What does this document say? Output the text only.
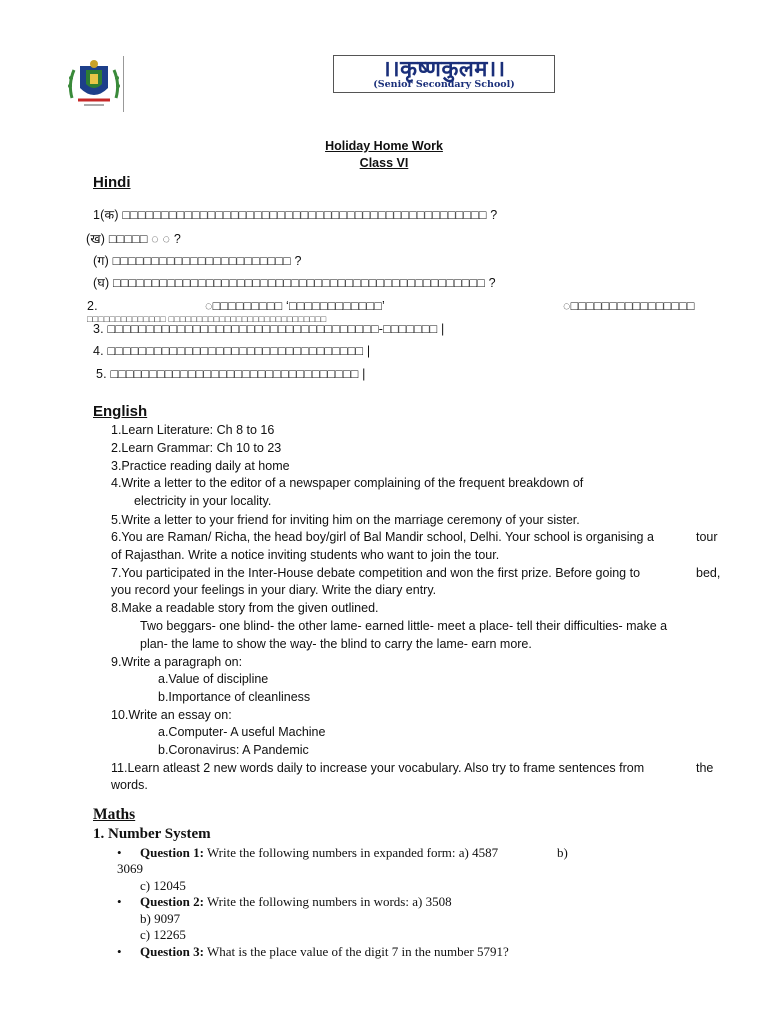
।।कृष्णकुलम।।
(Senior Secondary School)
Holiday Home Work
Class VI
Hindi
1(क) □□□□□□□□□□□□□□□□□□□□□□□□□□□□□□□□□□□□□□□□□□□□□□□ ?
(ख) □□□□□ ◌ ◌ ?
(ग) □□□□□□□□□□□□□□□□□□□□□□□ ?
(घ) □□□□□□□□□□□□□□□□□□□□□□□□□□□□□□□□□□□□□□□□□□□□□□□□ ?
2.	◌□□□□□□□□□ ‘□□□□□□□□□□□□’	◌□□□□□□□□□□□□□□□□
□□□□□□□□□□□□□□ □□□□□□□□□□□□□□□□□□□□□□□□□□□□
3. □□□□□□□□□□□□□□□□□□□□□□□□□□□□□□□□□□□-□□□□□□□ |
4. □□□□□□□□□□□□□□□□□□□□□□□□□□□□□□□□□ |
5. □□□□□□□□□□□□□□□□□□□□□□□□□□□□□□□□ |
English
1.Learn Literature: Ch 8 to 16
2.Learn Grammar: Ch 10 to 23
3.Practice reading daily at home
4.Write a letter to the editor of a newspaper complaining of the frequent breakdown of
electricity in your locality.
5.Write a letter to your friend for inviting him on the marriage ceremony of your sister.
6.You are Raman/ Richa, the head boy/girl of Bal Mandir school, Delhi. Your school is organising a	tour
of Rajasthan. Write a notice inviting students who want to join the tour.
7.You participated in the Inter-House debate competition and won the first prize. Before going to	bed,
you record your feelings in your diary. Write the diary entry.
8.Make a readable story from the given outlined.
Two beggars- one blind- the other lame- earned little- meet a place- tell their difficulties- make a
plan- the lame to show the way- the blind to carry the lame- earn more.
9.Write a paragraph on:
a.Value of discipline
b.Importance of cleanliness
10.Write an essay on:
a.Computer- A useful Machine
b.Coronavirus: A Pandemic
11.Learn atleast 2 new words daily to increase your vocabulary. Also try to frame sentences from	the
words.
Maths
1. Number System
• Question 1: Write the following numbers in expanded form: a) 4587	b)
3069
c) 12045
• Question 2: Write the following numbers in words: a) 3508
b) 9097
c) 12265
• Question 3: What is the place value of the digit 7 in the number 5791?
